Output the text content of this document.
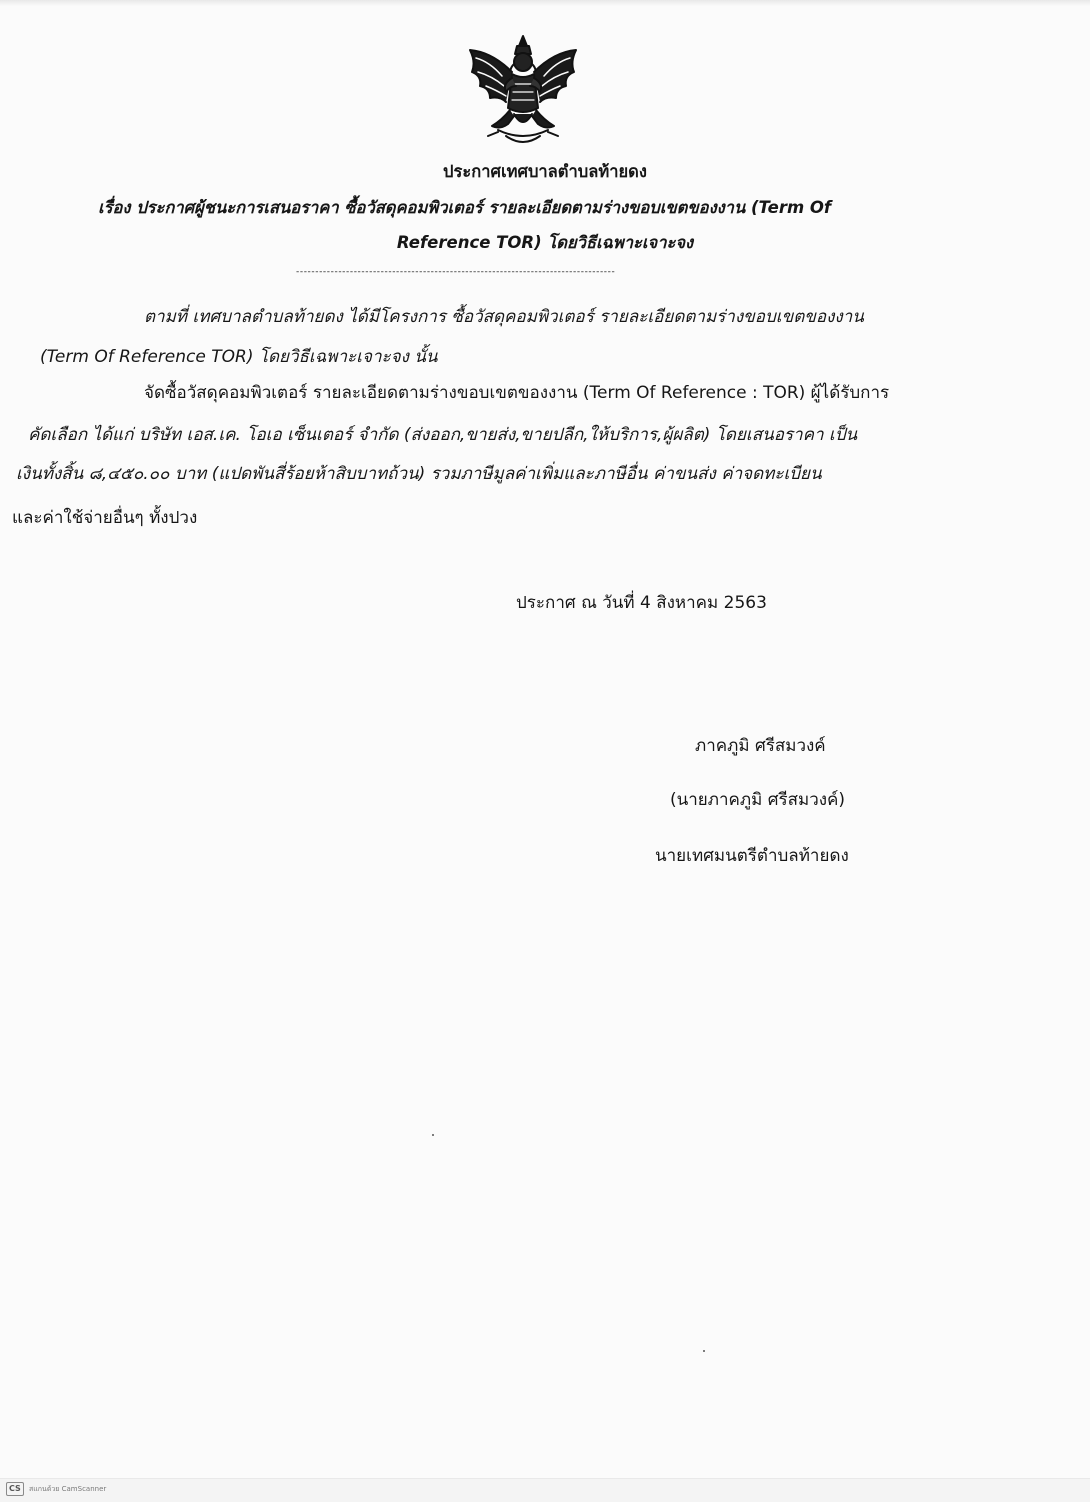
ประกาศเทศบาลตำบลท้ายดง
เรื่อง ประกาศผู้ชนะการเสนอราคา ซื้อวัสดุคอมพิวเตอร์ รายละเอียดตามร่างขอบเขตของงาน (Term Of
Reference TOR) โดยวิธีเฉพาะเจาะจง
-----------------------------------------------------------------------------------
ตามที่ เทศบาลตำบลท้ายดง ได้มีโครงการ ซื้อวัสดุคอมพิวเตอร์ รายละเอียดตามร่างขอบเขตของงาน
(Term Of Reference TOR) โดยวิธีเฉพาะเจาะจง นั้น
จัดซื้อวัสดุคอมพิวเตอร์ รายละเอียดตามร่างขอบเขตของงาน (Term Of Reference : TOR) ผู้ได้รับการ
คัดเลือก ได้แก่ บริษัท เอส.เค. โอเอ เซ็นเตอร์ จำกัด (ส่งออก,ขายส่ง,ขายปลีก,ให้บริการ,ผู้ผลิต) โดยเสนอราคา เป็น
เงินทั้งสิ้น ๘,๔๕๐.๐๐ บาท (แปดพันสี่ร้อยห้าสิบบาทถ้วน) รวมภาษีมูลค่าเพิ่มและภาษีอื่น ค่าขนส่ง ค่าจดทะเบียน
และค่าใช้จ่ายอื่นๆ ทั้งปวง
ประกาศ ณ วันที่ 4 สิงหาคม 2563
ภาคภูมิ ศรีสมวงค์
(นายภาคภูมิ ศรีสมวงค์)
นายเทศมนตรีตำบลท้ายดง
CS สแกนด้วย CamScanner
